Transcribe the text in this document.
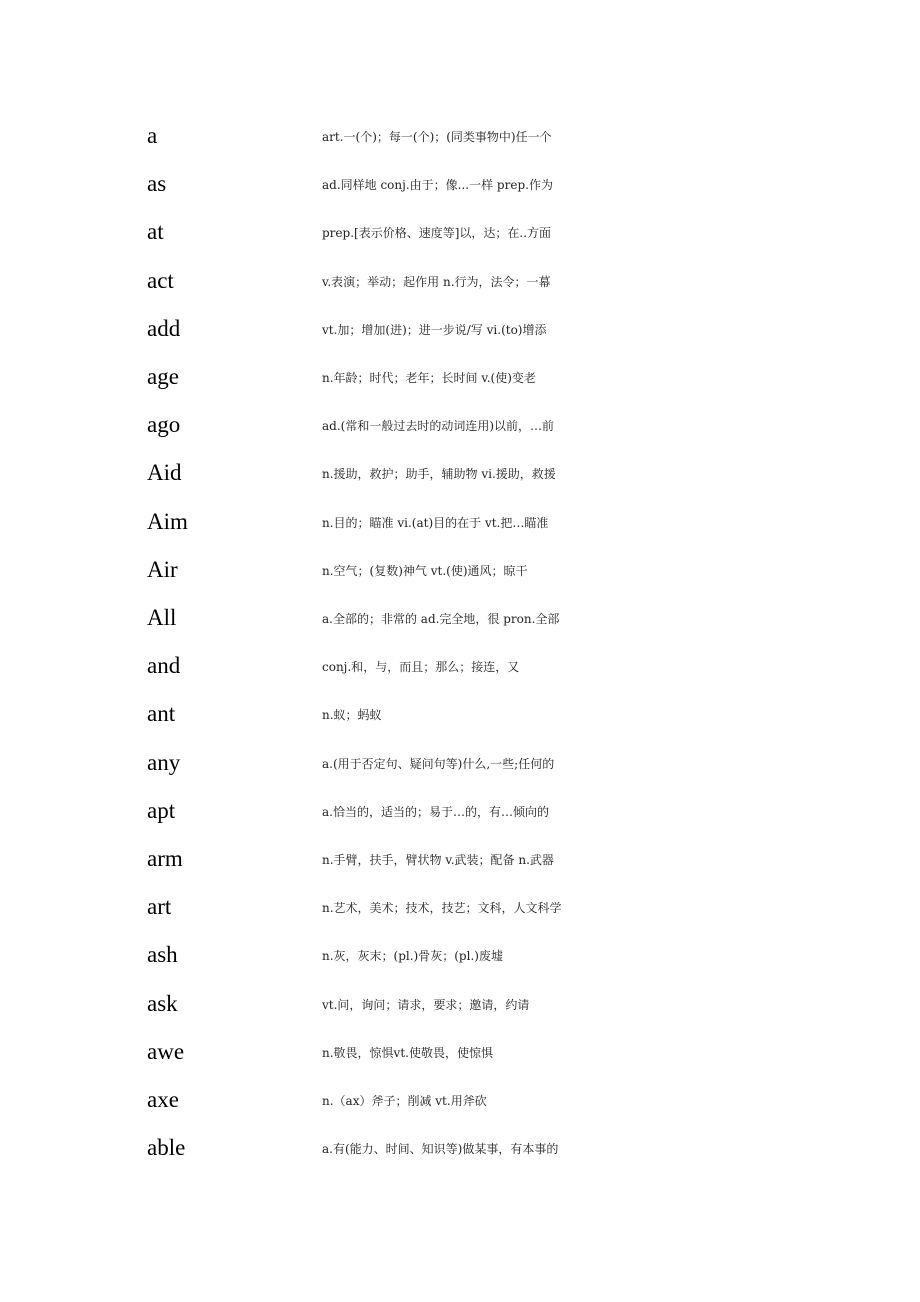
a	art.一(个)；每一(个)；(同类事物中)任一个
as	ad.同样地 conj.由于；像...一样 prep.作为
at	prep.[表示价格、速度等]以，达；在..方面
act	v.表演；举动；起作用 n.行为，法令；一幕
add	vt.加；增加(进)；进一步说/写 vi.(to)增添
age	n.年龄；时代；老年；长时间 v.(使)变老
ago	ad.(常和一般过去时的动词连用)以前，…前
Aid	n.援助，救护；助手，辅助物 vi.援助，救援
Aim	n.目的；瞄准 vi.(at)目的在于 vt.把…瞄准
Air	n.空气；(复数)神气 vt.(使)通风；晾干
All	a.全部的；非常的 ad.完全地，很 pron.全部
and	conj.和，与，而且；那么；接连，又
ant	n.蚁；蚂蚁
any	a.(用于否定句、疑问句等)什么,一些;任何的
apt	a.恰当的，适当的；易于…的，有…倾向的
arm	n.手臂，扶手，臂状物 v.武装；配备 n.武器
art	n.艺术，美术；技术，技艺；文科，人文科学
ash	n.灰，灰末；(pl.)骨灰；(pl.)废墟
ask	vt.问，询问；请求，要求；邀请，约请
awe	n.敬畏，惊惧vt.使敬畏，使惊惧
axe	n.（ax）斧子；削减 vt.用斧砍
able	a.有(能力、时间、知识等)做某事，有本事的
